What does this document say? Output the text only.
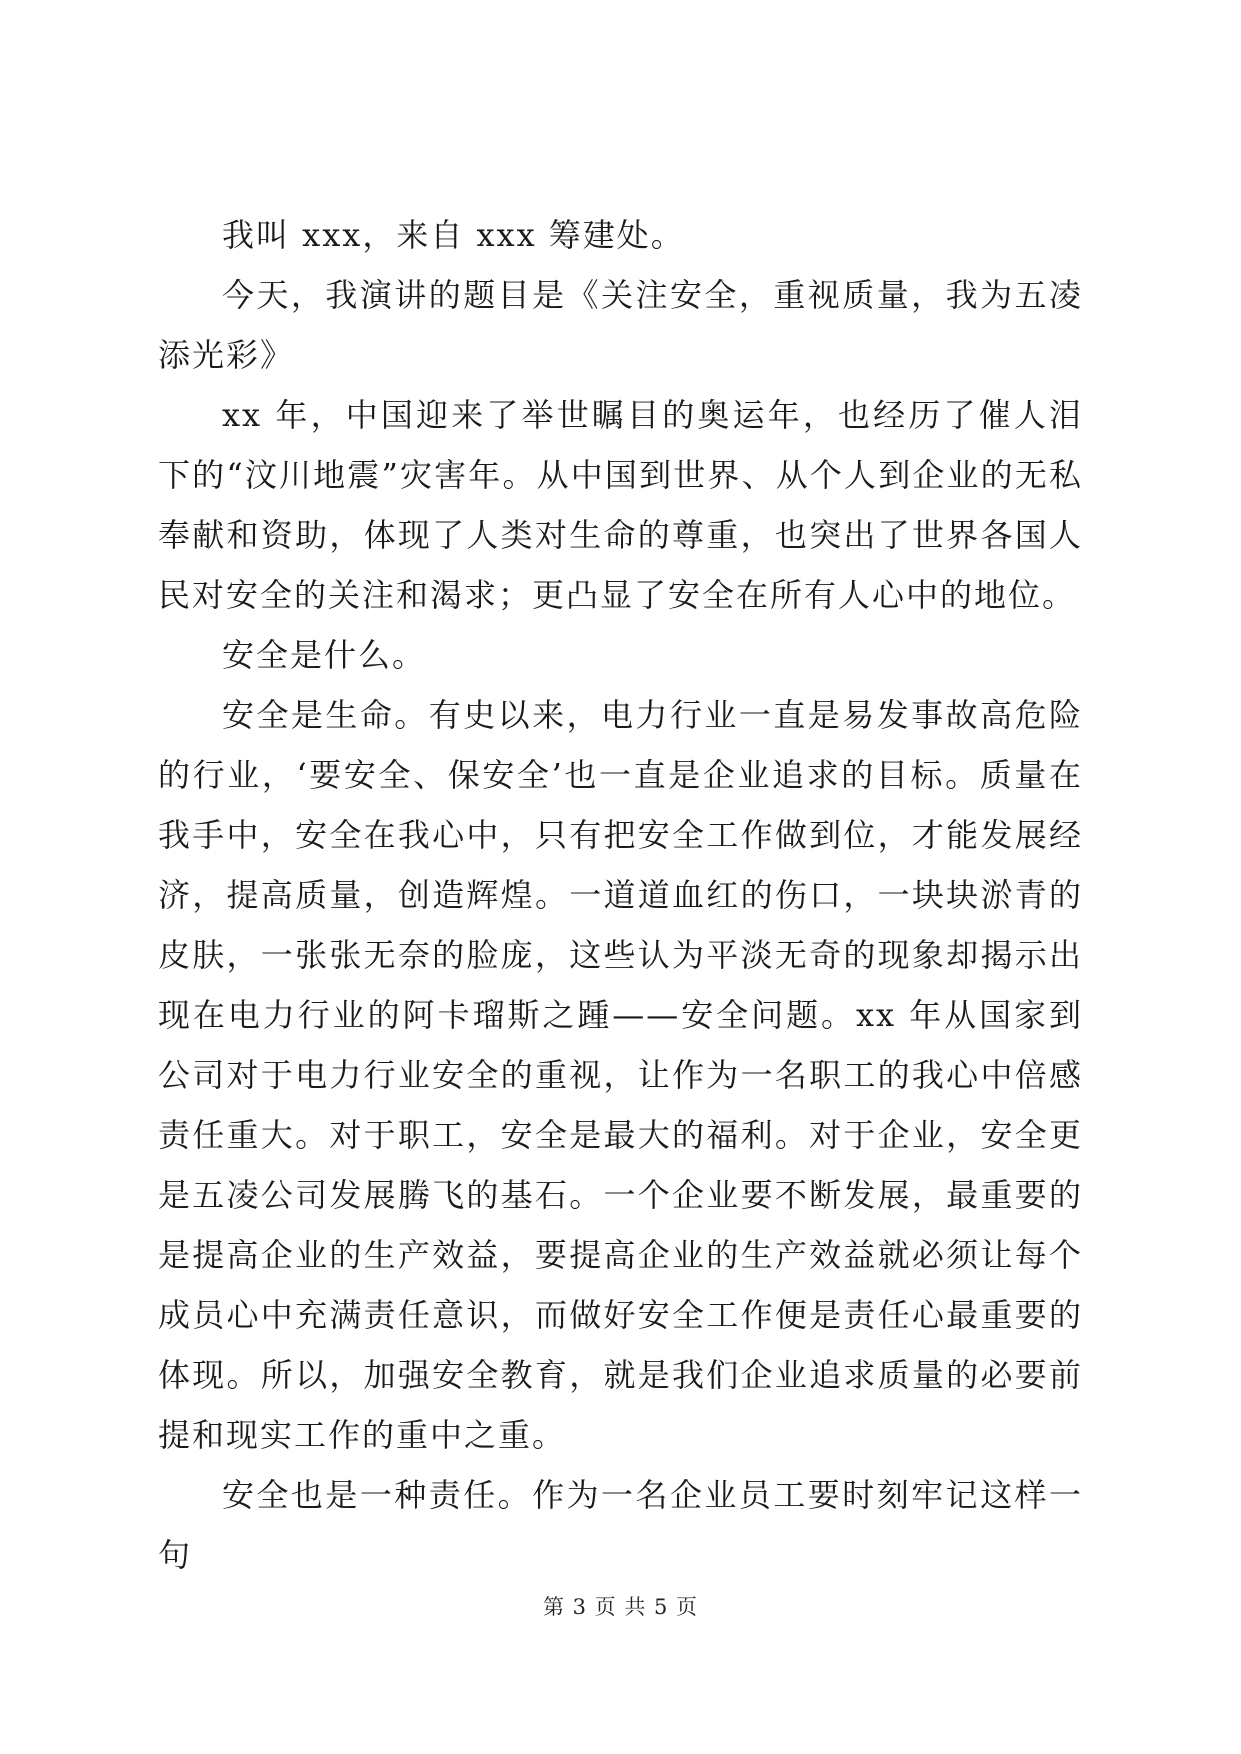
我叫 xxx，来自 xxx 筹建处。

今天，我演讲的题目是《关注安全，重视质量，我为五凌添光彩》

xx 年，中国迎来了举世瞩目的奥运年，也经历了催人泪下的“汶川地震”灾害年。从中国到世界、从个人到企业的无私奉献和资助，体现了人类对生命的尊重，也突出了世界各国人民对安全的关注和渴求；更凸显了安全在所有人心中的地位。

安全是什么。

安全是生命。有史以来，电力行业一直是易发事故高危险的行业，‘要安全、保安全’也一直是企业追求的目标。质量在我手中，安全在我心中，只有把安全工作做到位，才能发展经济，提高质量，创造辉煌。一道道血红的伤口，一块块淤青的皮肤，一张张无奈的脸庞，这些认为平淡无奇的现象却揭示出现在电力行业的阿卡瑠斯之踵——安全问题。xx 年从国家到公司对于电力行业安全的重视，让作为一名职工的我心中倍感责任重大。对于职工，安全是最大的福利。对于企业，安全更是五凌公司发展腾飞的基石。一个企业要不断发展，最重要的是提高企业的生产效益，要提高企业的生产效益就必须让每个成员心中充满责任意识，而做好安全工作便是责任心最重要的体现。所以，加强安全教育，就是我们企业追求质量的必要前提和现实工作的重中之重。

安全也是一种责任。作为一名企业员工要时刻牢记这样一句

第 3 页 共 5 页
